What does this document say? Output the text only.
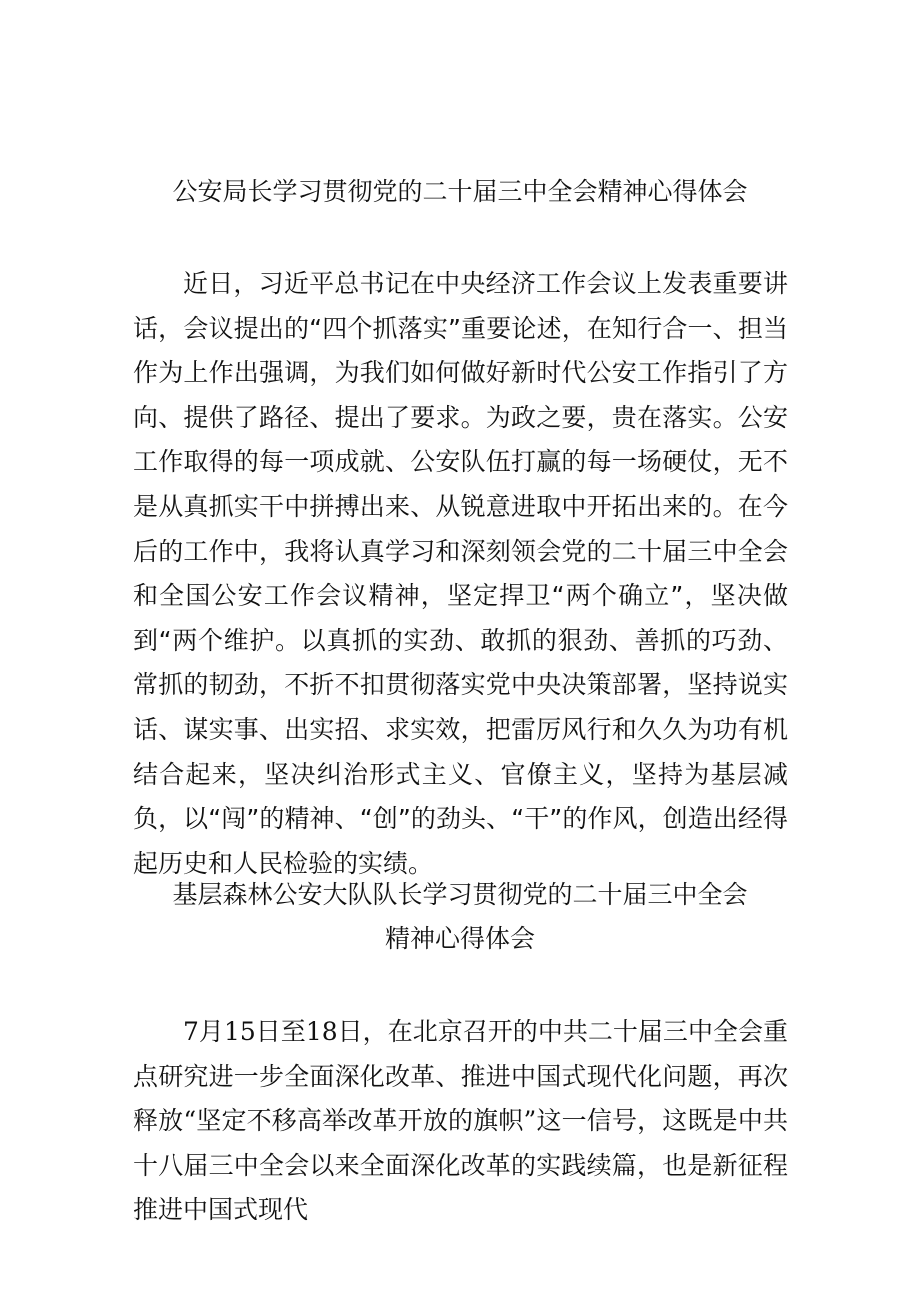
公安局长学习贯彻党的二十届三中全会精神心得体会

近日，习近平总书记在中央经济工作会议上发表重要讲话，会议提出的“四个抓落实”重要论述，在知行合一、担当作为上作出强调，为我们如何做好新时代公安工作指引了方向、提供了路径、提出了要求。为政之要，贵在落实。公安工作取得的每一项成就、公安队伍打赢的每一场硬仗，无不是从真抓实干中拼搏出来、从锐意进取中开拓出来的。在今后的工作中，我将认真学习和深刻领会党的二十届三中全会和全国公安工作会议精神，坚定捍卫“两个确立”，坚决做到“两个维护。以真抓的实劲、敢抓的狠劲、善抓的巧劲、常抓的韧劲，不折不扣贯彻落实党中央决策部署，坚持说实话、谋实事、出实招、求实效，把雷厉风行和久久为功有机结合起来，坚决纠治形式主义、官僚主义，坚持为基层减负，以“闯”的精神、“创”的劲头、“干”的作风，创造出经得起历史和人民检验的实绩。

基层森林公安大队队长学习贯彻党的二十届三中全会
精神心得体会

7月15日至18日，在北京召开的中共二十届三中全会重点研究进一步全面深化改革、推进中国式现代化问题，再次释放“坚定不移高举改革开放的旗帜”这一信号，这既是中共十八届三中全会以来全面深化改革的实践续篇，也是新征程推进中国式现代
